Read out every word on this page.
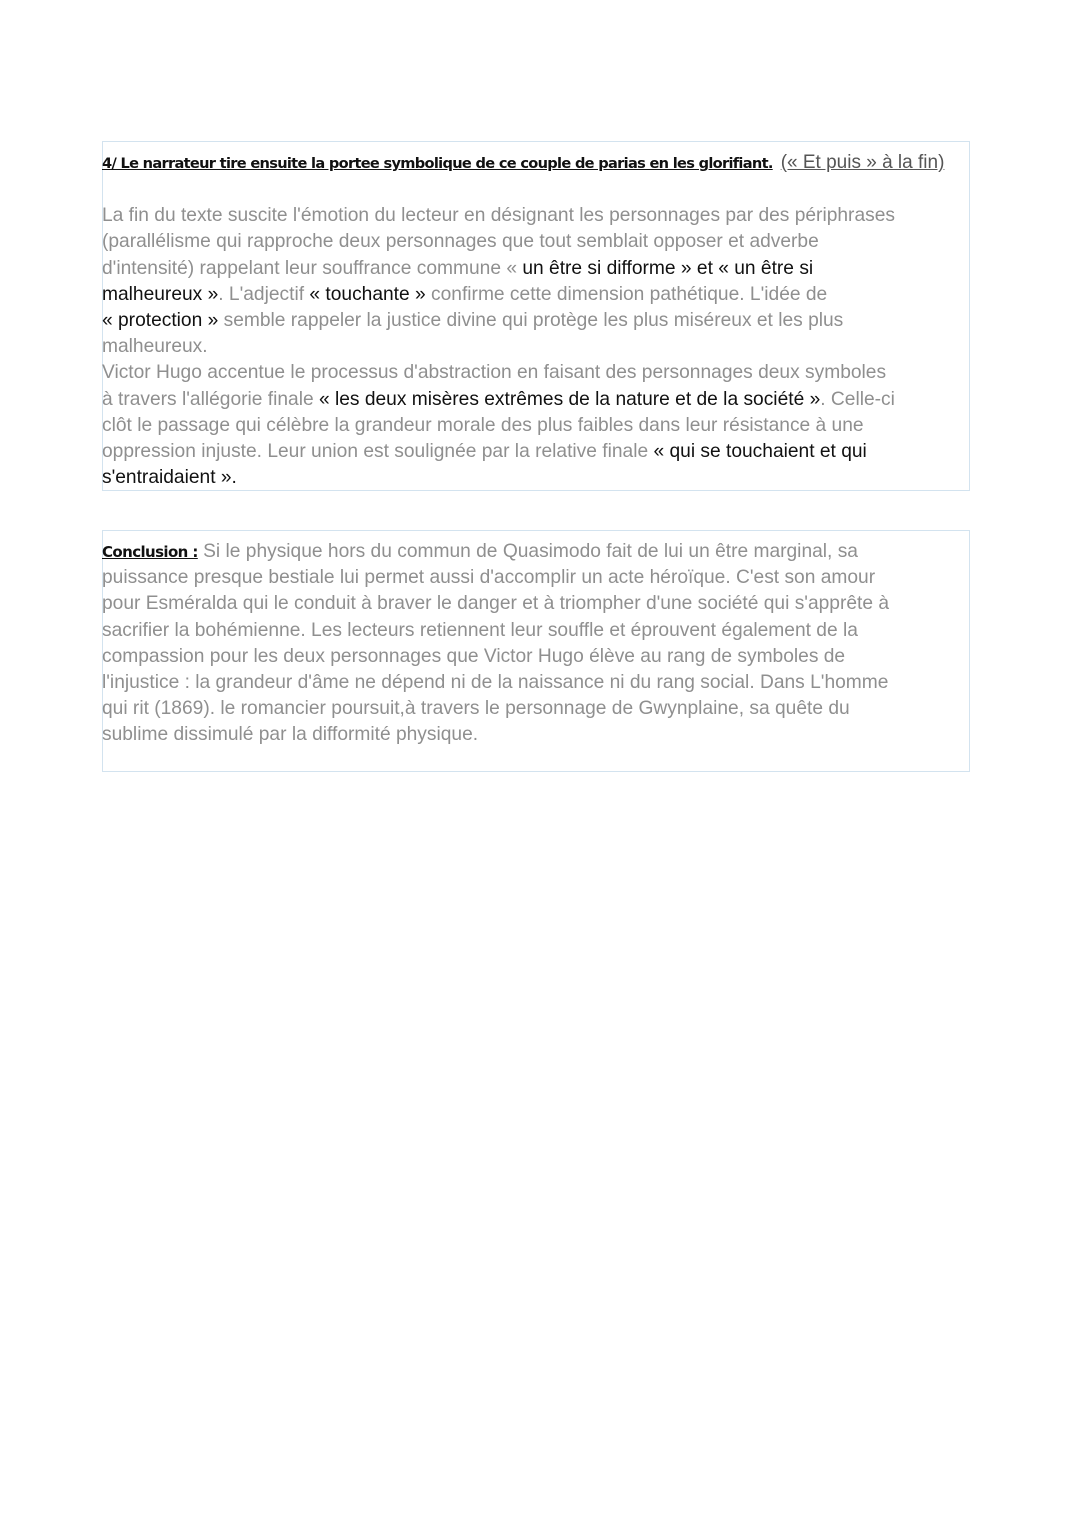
4/ Le narrateur tire ensuite la portee symbolique de ce couple de parias en les glorifiant. (« Et puis » à la fin)
La fin du texte suscite l'émotion du lecteur en désignant les personnages par des périphrases
(parallélisme qui rapproche deux personnages que tout semblait opposer et adverbe
d'intensité) rappelant leur souffrance commune « un être si difforme » et « un être si
malheureux ». L'adjectif « touchante » confirme cette dimension pathétique. L'idée de
« protection » semble rappeler la justice divine qui protège les plus miséreux et les plus
malheureux.
Victor Hugo accentue le processus d'abstraction en faisant des personnages deux symboles
à travers l'allégorie finale « les deux misères extrêmes de la nature et de la société ». Celle-ci
clôt le passage qui célèbre la grandeur morale des plus faibles dans leur résistance à une
oppression injuste. Leur union est soulignée par la relative finale « qui se touchaient et qui
s'entraidaient ».
Conclusion : Si le physique hors du commun de Quasimodo fait de lui un être marginal, sa
puissance presque bestiale lui permet aussi d'accomplir un acte héroïque. C'est son amour
pour Esméralda qui le conduit à braver le danger et à triompher d'une société qui s'apprête à
sacrifier la bohémienne. Les lecteurs retiennent leur souffle et éprouvent également de la
compassion pour les deux personnages que Victor Hugo élève au rang de symboles de
l'injustice : la grandeur d'âme ne dépend ni de la naissance ni du rang social. Dans L'homme
qui rit (1869). le romancier poursuit,à travers le personnage de Gwynplaine, sa quête du
sublime dissimulé par la difformité physique.
